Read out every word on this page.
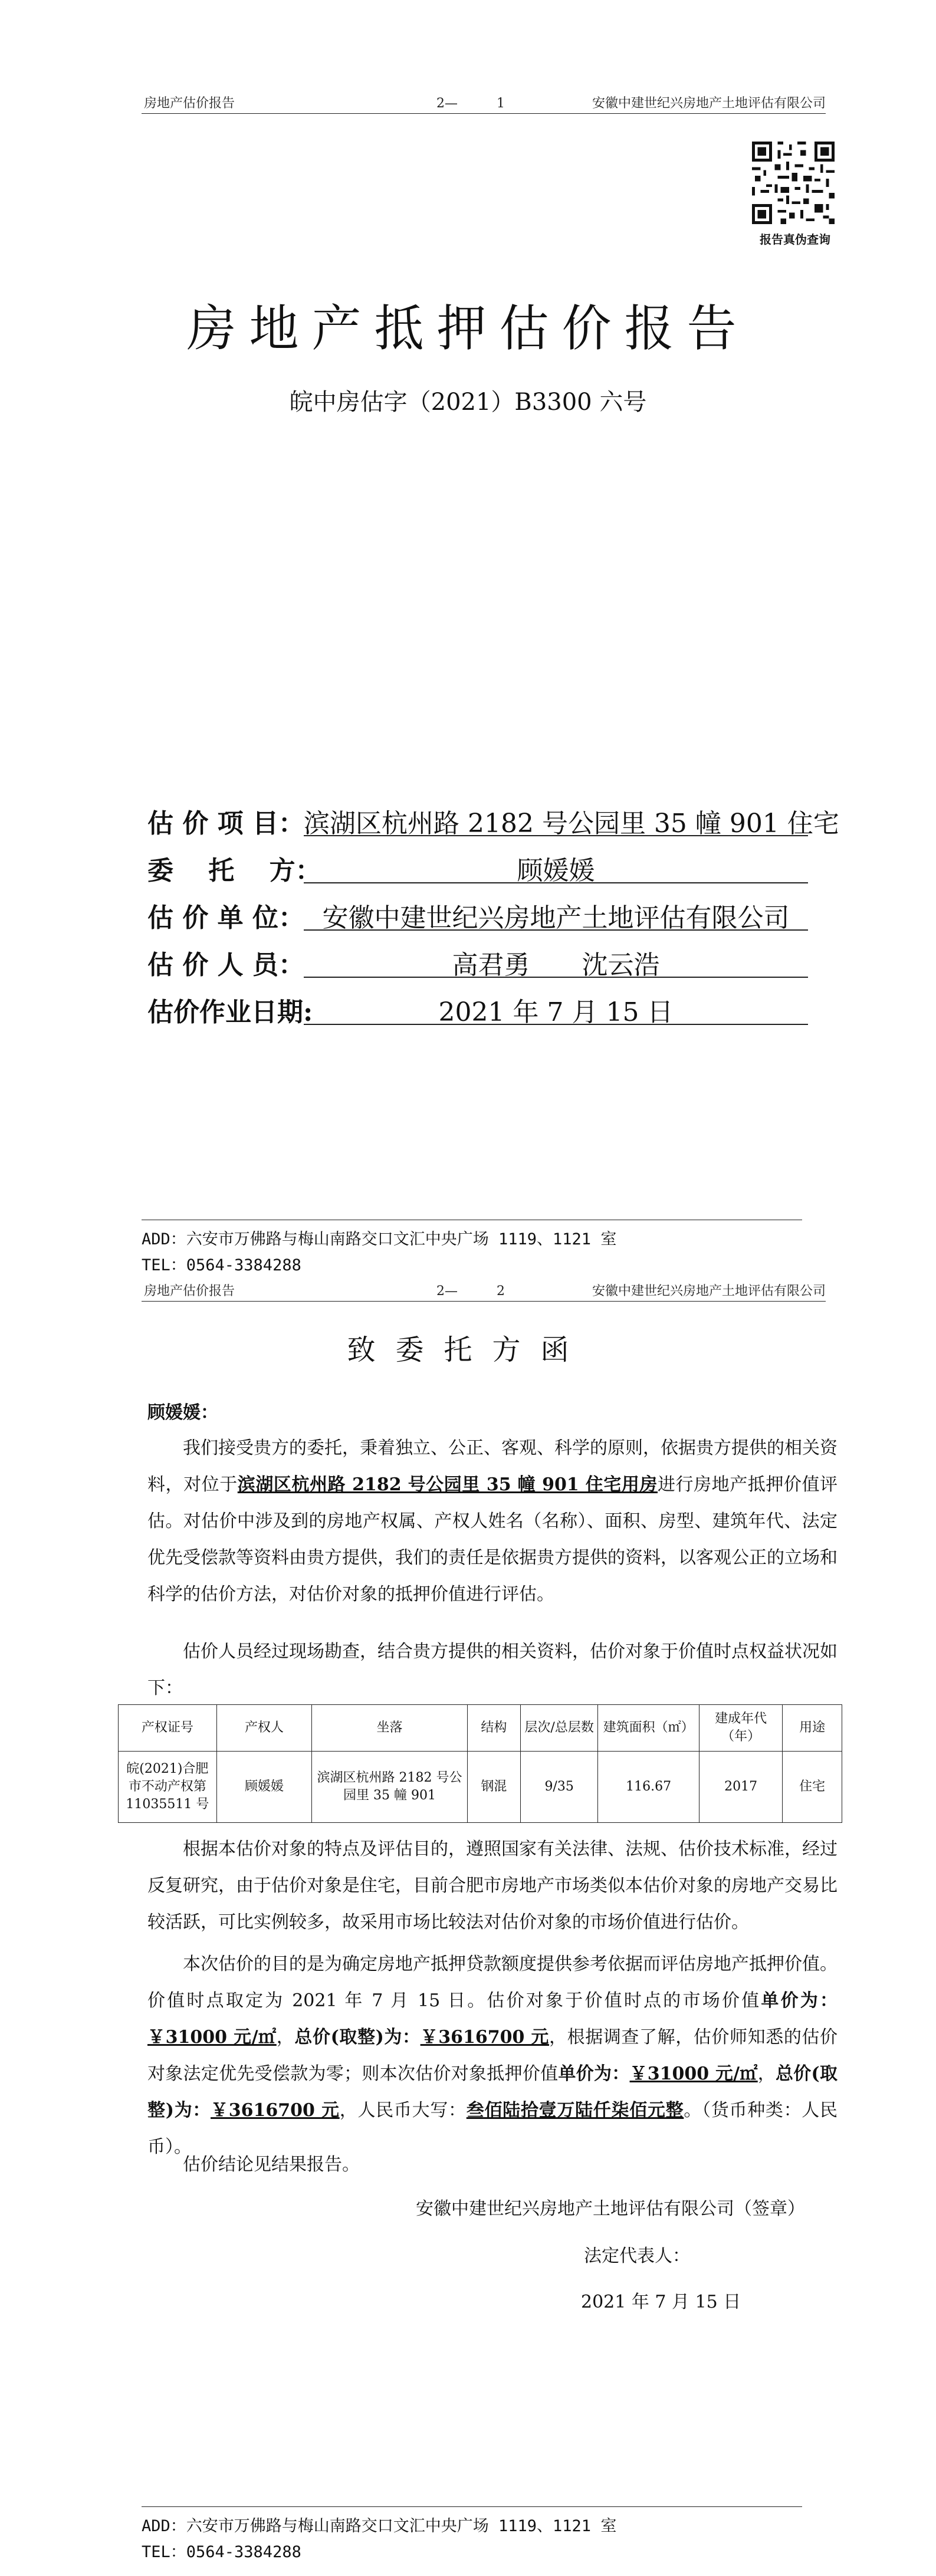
房地产估价报告	2—　　　1	安徽中建世纪兴房地产土地评估有限公司
报告真伪查询
房地产抵押估价报告
皖中房估字（2021）B3300 六号
估 价 项 目： 滨湖区杭州路 2182 号公园里 35 幢 901 住宅
委　 托　 方：	顾媛媛
估 价 单 位： 安徽中建世纪兴房地产土地评估有限公司
估 价 人 员：	高君勇　　沈云浩
估价作业日期:	2021 年 7 月 15 日
ADD：六安市万佛路与梅山南路交口文汇中央广场 1119、1121 室
TEL：0564-3384288
房地产估价报告	2—　　　2	安徽中建世纪兴房地产土地评估有限公司
致委托方函
顾媛媛：

我们接受贵方的委托，秉着独立、公正、客观、科学的原则，依据贵方提供的相关资料，对位于滨湖区杭州路 2182 号公园里 35 幢 901 住宅用房进行房地产抵押价值评估。对估价中涉及到的房地产权属、产权人姓名（名称）、面积、房型、建筑年代、法定优先受偿款等资料由贵方提供，我们的责任是依据贵方提供的资料，以客观公正的立场和科学的估价方法，对估价对象的抵押价值进行评估。

估价人员经过现场勘查，结合贵方提供的相关资料，估价对象于价值时点权益状况如下：

产权证号	产权人	坐落	结构	层次/总层数	建筑面积（㎡）	建成年代（年）	用途
皖(2021)合肥市不动产权第 11035511 号	顾媛媛	滨湖区杭州路 2182 号公园里 35 幢 901	钢混	9/35	116.67	2017	住宅

根据本估价对象的特点及评估目的，遵照国家有关法律、法规、估价技术标准，经过反复研究，由于估价对象是住宅，目前合肥市房地产市场类似本估价对象的房地产交易比较活跃，可比实例较多，故采用市场比较法对估价对象的市场价值进行估价。

本次估价的目的是为确定房地产抵押贷款额度提供参考依据而评估房地产抵押价值。价值时点取定为 2021 年 7 月 15 日。估价对象于价值时点的市场价值单价为：￥31000 元/㎡，总价(取整)为：￥3616700 元，根据调查了解，估价师知悉的估价对象法定优先受偿款为零；则本次估价对象抵押价值单价为：￥31000 元/㎡，总价(取整)为：￥3616700 元，人民币大写：叁佰陆拾壹万陆仟柒佰元整。（货币种类：人民币）。

估价结论见结果报告。

安徽中建世纪兴房地产土地评估有限公司（签章）
法定代表人：
2021 年 7 月 15 日
ADD：六安市万佛路与梅山南路交口文汇中央广场 1119、1121 室
TEL：0564-3384288
